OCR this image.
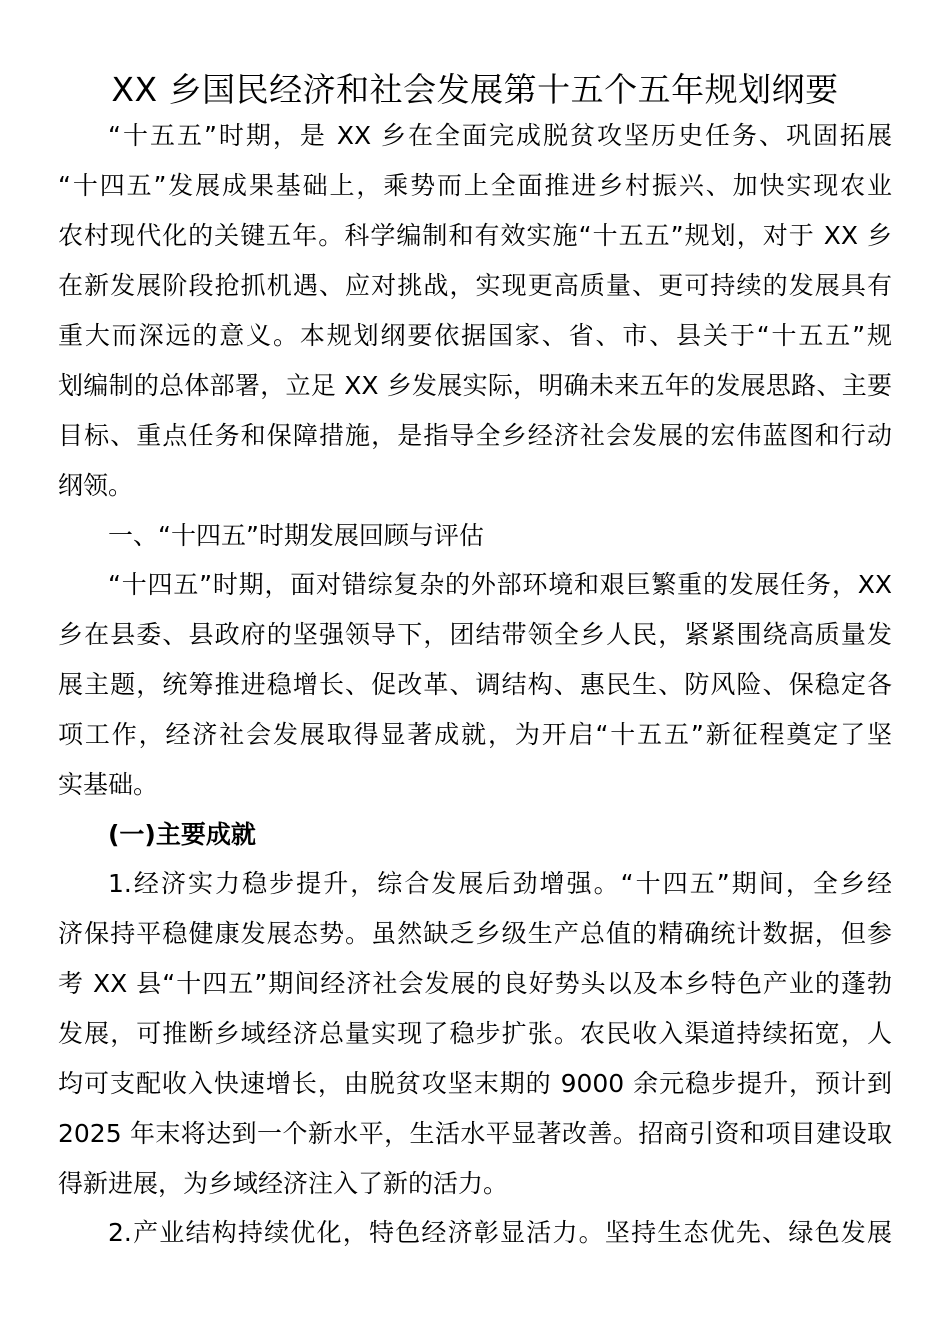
XX 乡国民经济和社会发展第十五个五年规划纲要
“十五五”时期，是 XX 乡在全面完成脱贫攻坚历史任务、巩固拓展
“十四五”发展成果基础上，乘势而上全面推进乡村振兴、加快实现农业
农村现代化的关键五年。科学编制和有效实施“十五五”规划，对于 XX 乡
在新发展阶段抢抓机遇、应对挑战，实现更高质量、更可持续的发展具有
重大而深远的意义。本规划纲要依据国家、省、市、县关于“十五五”规
划编制的总体部署，立足 XX 乡发展实际，明确未来五年的发展思路、主要
目标、重点任务和保障措施，是指导全乡经济社会发展的宏伟蓝图和行动
纲领。
一、“十四五”时期发展回顾与评估
“十四五”时期，面对错综复杂的外部环境和艰巨繁重的发展任务，XX
乡在县委、县政府的坚强领导下，团结带领全乡人民，紧紧围绕高质量发
展主题，统筹推进稳增长、促改革、调结构、惠民生、防风险、保稳定各
项工作，经济社会发展取得显著成就，为开启“十五五”新征程奠定了坚
实基础。
(一)主要成就
1.经济实力稳步提升，综合发展后劲增强。“十四五”期间，全乡经
济保持平稳健康发展态势。虽然缺乏乡级生产总值的精确统计数据，但参
考 XX 县“十四五”期间经济社会发展的良好势头以及本乡特色产业的蓬勃
发展，可推断乡域经济总量实现了稳步扩张。农民收入渠道持续拓宽，人
均可支配收入快速增长，由脱贫攻坚末期的 9000 余元稳步提升，预计到
2025 年末将达到一个新水平，生活水平显著改善。招商引资和项目建设取
得新进展，为乡域经济注入了新的活力。
2.产业结构持续优化，特色经济彰显活力。坚持生态优先、绿色发展
